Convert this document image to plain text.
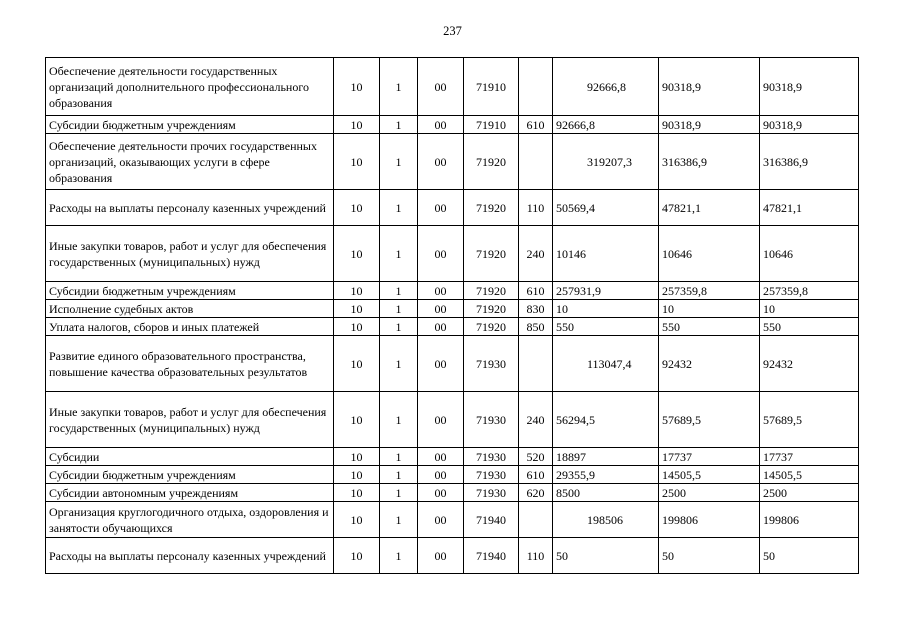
237
Обеспечение деятельности государственных организаций дополнительного профессионального образования	10	1	00	71910		92666,8	90318,9	90318,9
Субсидии бюджетным учреждениям	10	1	00	71910	610	92666,8	90318,9	90318,9
Обеспечение деятельности прочих государственных организаций, оказывающих услуги в сфере образования	10	1	00	71920		319207,3	316386,9	316386,9
Расходы на выплаты персоналу казенных учреждений	10	1	00	71920	110	50569,4	47821,1	47821,1
Иные закупки товаров, работ и услуг для обеспечения государственных (муниципальных) нужд	10	1	00	71920	240	10146	10646	10646
Субсидии бюджетным учреждениям	10	1	00	71920	610	257931,9	257359,8	257359,8
Исполнение судебных актов	10	1	00	71920	830	10	10	10
Уплата налогов, сборов и иных платежей	10	1	00	71920	850	550	550	550
Развитие единого образовательного пространства, повышение качества образовательных результатов	10	1	00	71930		113047,4	92432	92432
Иные закупки товаров, работ и услуг для обеспечения государственных (муниципальных) нужд	10	1	00	71930	240	56294,5	57689,5	57689,5
Субсидии	10	1	00	71930	520	18897	17737	17737
Субсидии бюджетным учреждениям	10	1	00	71930	610	29355,9	14505,5	14505,5
Субсидии автономным учреждениям	10	1	00	71930	620	8500	2500	2500
Организация круглогодичного отдыха, оздоровления и занятости обучающихся	10	1	00	71940		198506	199806	199806
Расходы на выплаты персоналу казенных учреждений	10	1	00	71940	110	50	50	50
